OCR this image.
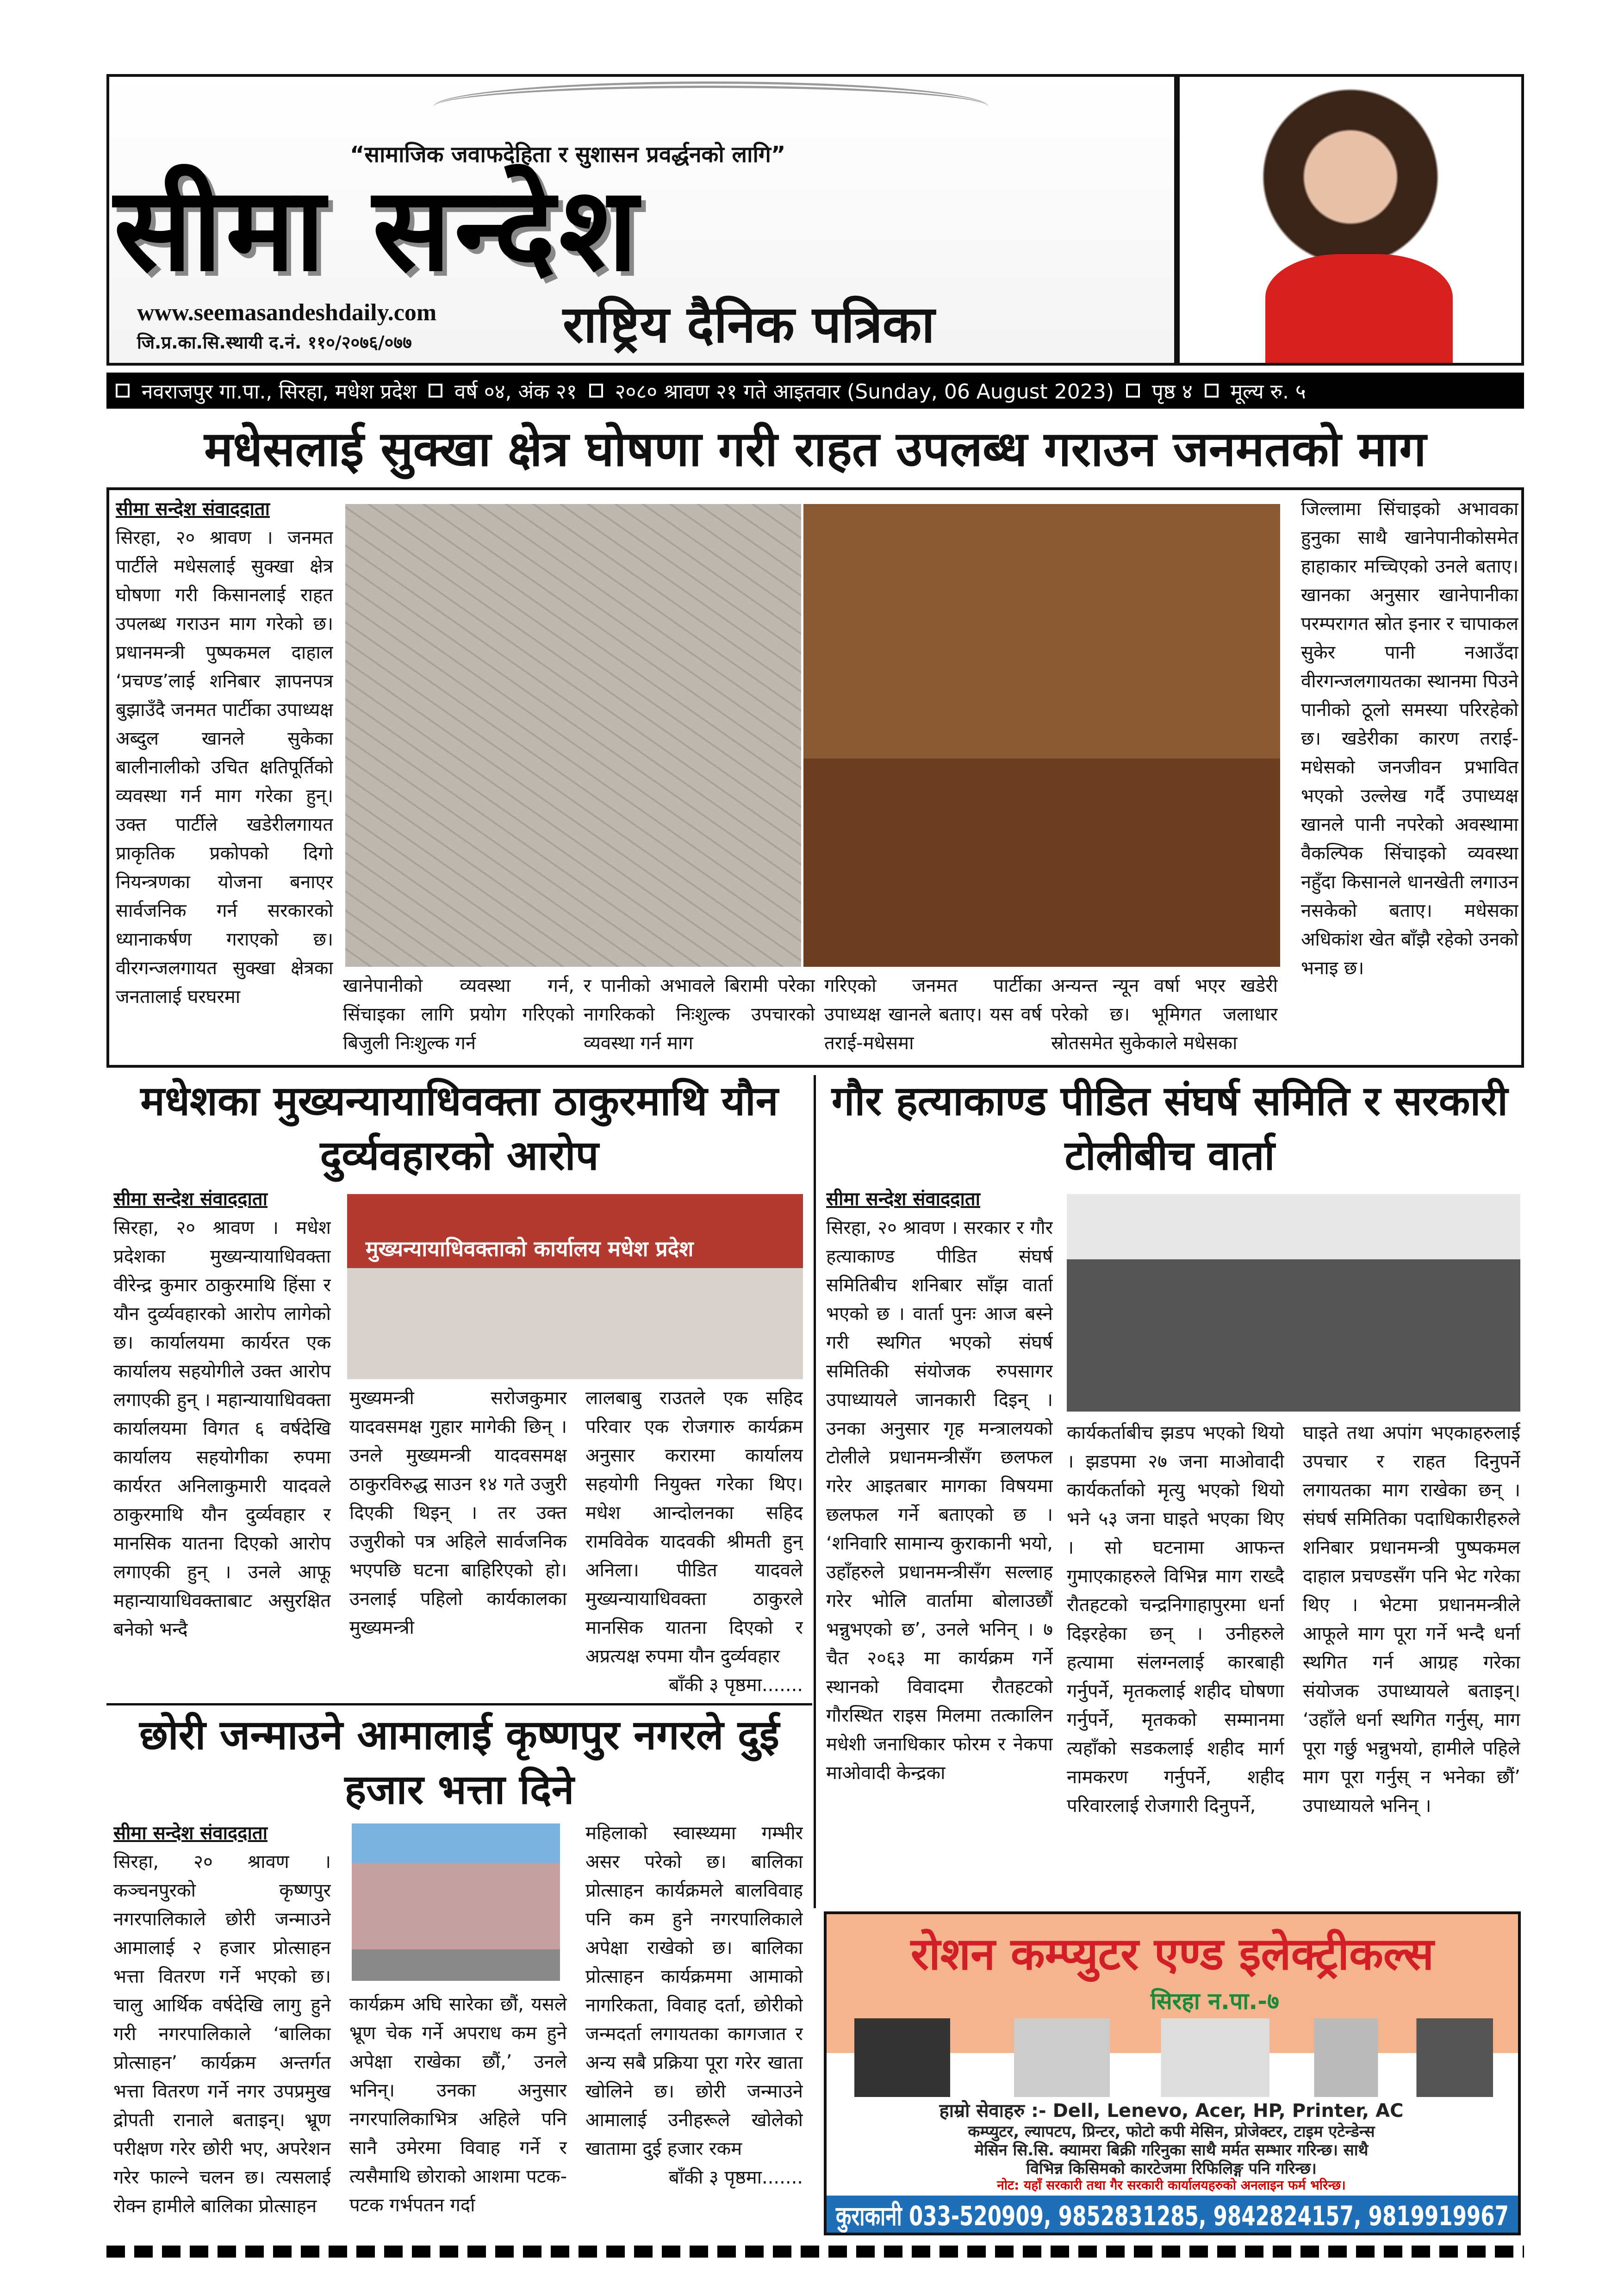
“सामाजिक जवाफदेहिता र सुशासन प्रवर्द्धनको लागि”
सीमा सन्देश
www.seemasandeshdaily.com
जि.प्र.का.सि.स्थायी द.नं. ११०/२०७६/०७७	राष्ट्रिय दैनिक पत्रिका
नवराजपुर गा.पा., सिरहा, मधेश प्रदेश वर्ष ०४, अंक २१ २०८० श्रावण २१ गते आइतवार (Sunday, 06 August 2023) पृष्ठ ४ मूल्य रु. ५
मधेसलाई सुक्खा क्षेत्र घोषणा गरी राहत उपलब्ध गराउन जनमतको माग
सीमा सन्देश संवाददाता
सिरहा, २० श्रावण । जनमत पार्टीले मधेसलाई सुक्खा क्षेत्र घोषणा गरी किसानलाई राहत उपलब्ध गराउन माग गरेको छ। प्रधानमन्त्री पुष्पकमल दाहाल ‘प्रचण्ड’लाई शनिबार ज्ञापनपत्र बुझाउँदै जनमत पार्टीका उपाध्यक्ष अब्दुल खानले सुकेका बालीनालीको उचित क्षतिपूर्तिको व्यवस्था गर्न माग गरेका हुन्। उक्त पार्टीले खडेरीलगायत प्राकृतिक प्रकोपको दिगो नियन्त्रणका योजना बनाएर सार्वजनिक गर्न सरकारको ध्यानाकर्षण गराएको छ। वीरगन्जलगायत सुक्खा क्षेत्रका जनतालाई घरघरमा
खानेपानीको व्यवस्था गर्न, सिंचाइका लागि प्रयोग गरिएको बिजुली निःशुल्क गर्न
र पानीको अभावले बिरामी परेका नागरिकको निःशुल्क उपचारको व्यवस्था गर्न माग
गरिएको जनमत पार्टीका उपाध्यक्ष खानले बताए। यस वर्ष तराई-मधेसमा
अन्यन्त न्यून वर्षा भएर खडेरी परेको छ। भूमिगत जलाधार स्रोतसमेत सुकेकाले मधेसका
जिल्लामा सिंचाइको अभावका हुनुका साथै खानेपानीकोसमेत हाहाकार मच्चिएको उनले बताए। खानका अनुसार खानेपानीका परम्परागत स्रोत इनार र चापाकल सुकेर पानी नआउँदा वीरगन्जलगायतका स्थानमा पिउने पानीको ठूलो समस्या परिरहेको छ। खडेरीका कारण तराई-मधेसको जनजीवन प्रभावित भएको उल्लेख गर्दै उपाध्यक्ष खानले पानी नपरेको अवस्थामा वैकल्पिक सिंचाइको व्यवस्था नहुँदा किसानले धानखेती लगाउन नसकेको बताए। मधेसका अधिकांश खेत बाँझै रहेको उनको भनाइ छ।
मधेशका मुख्यन्यायाधिवक्ता ठाकुरमाथि यौन दुर्व्यवहारको आरोप
सीमा सन्देश संवाददाता
सिरहा, २० श्रावण । मधेश प्रदेशका मुख्यन्यायाधिवक्ता वीरेन्द्र कुमार ठाकुरमाथि हिंसा र यौन दुर्व्यवहारको आरोप लागेको छ। कार्यालयमा कार्यरत एक कार्यालय सहयोगीले उक्त आरोप लगाएकी हुन् । महान्यायाधिवक्ता कार्यालयमा विगत ६ वर्षदेखि कार्यालय सहयोगीका रुपमा कार्यरत अनिलाकुमारी यादवले ठाकुरमाथि यौन दुर्व्यवहार र मानसिक यातना दिएको आरोप लगाएकी हुन् । उनले आफू महान्यायाधिवक्ताबाट असुरक्षित बनेको भन्दै
मुख्यन्यायाधिवक्ताको कार्यालय मधेश प्रदेश
मुख्यमन्त्री सरोजकुमार यादवसमक्ष गुहार मागेकी छिन् । उनले मुख्यमन्त्री यादवसमक्ष ठाकुरविरुद्ध साउन १४ गते उजुरी दिएकी थिइन् । तर उक्त उजुरीको पत्र अहिले सार्वजनिक भएपछि घटना बाहिरिएको हो। उनलाई पहिलो कार्यकालका मुख्यमन्त्री
लालबाबु राउतले एक सहिद परिवार एक रोजगारु कार्यक्रम अनुसार करारमा कार्यालय सहयोगी नियुक्त गरेका थिए। मधेश आन्दोलनका सहिद रामविवेक यादवकी श्रीमती हुन् अनिला। पीडित यादवले मुख्यन्यायाधिवक्ता ठाकुरले मानसिक यातना दिएको र अप्रत्यक्ष रुपमा यौन दुर्व्यवहार
बाँकी ३ पृष्ठमा.......
छोरी जन्माउने आमालाई कृष्णपुर नगरले दुई हजार भत्ता दिने
सीमा सन्देश संवाददाता
सिरहा, २० श्रावण । कञ्चनपुरको कृष्णपुर नगरपालिकाले छोरी जन्माउने आमालाई २ हजार प्रोत्साहन भत्ता वितरण गर्ने भएको छ। चालु आर्थिक वर्षदेखि लागु हुने गरी नगरपालिकाले ‘बालिका प्रोत्साहन’ कार्यक्रम अन्तर्गत भत्ता वितरण गर्ने नगर उपप्रमुख द्रोपती रानाले बताइन्। भ्रूण परीक्षण गरेर छोरी भए, अपरेशन गरेर फाल्ने चलन छ। त्यसलाई रोक्न हामीले बालिका प्रोत्साहन
कार्यक्रम अघि सारेका छौं, यसले भ्रूण चेक गर्ने अपराध कम हुने अपेक्षा राखेका छौं,’ उनले भनिन्। उनका अनुसार नगरपालिकाभित्र अहिले पनि सानै उमेरमा विवाह गर्ने र त्यसैमाथि छोराको आशमा पटक-पटक गर्भपतन गर्दा
महिलाको स्वास्थ्यमा गम्भीर असर परेको छ। बालिका प्रोत्साहन कार्यक्रमले बालविवाह पनि कम हुने नगरपालिकाले अपेक्षा राखेको छ। बालिका प्रोत्साहन कार्यक्रममा आमाको नागरिकता, विवाह दर्ता, छोरीको जन्मदर्ता लगायतका कागजात र अन्य सबै प्रक्रिया पूरा गरेर खाता खोलिने छ। छोरी जन्माउने आमालाई उनीहरूले खोलेको खातामा दुई हजार रकम
बाँकी ३ पृष्ठमा.......
गौर हत्याकाण्ड पीडित संघर्ष समिति र सरकारी टोलीबीच वार्ता
सीमा सन्देश संवाददाता
सिरहा, २० श्रावण । सरकार र गौर हत्याकाण्ड पीडित संघर्ष समितिबीच शनिबार साँझ वार्ता भएको छ । वार्ता पुनः आज बस्ने गरी स्थगित भएको संघर्ष समितिकी संयोजक रुपसागर उपाध्यायले जानकारी दिइन् । उनका अनुसार गृह मन्त्रालयको टोलीले प्रधानमन्त्रीसँग छलफल गरेर आइतबार मागका विषयमा छलफल गर्ने बताएको छ । ‘शनिवारि सामान्य कुराकानी भयो, उहाँहरुले प्रधानमन्त्रीसँग सल्लाह गरेर भोलि वार्तामा बोलाउछौं भन्नुभएको छ’, उनले भनिन् । ७ चैत २०६३ मा कार्यक्रम गर्ने स्थानको विवादमा रौतहटको गौरस्थित राइस मिलमा तत्कालिन मधेशी जनाधिकार फोरम र नेकपा माओवादी केन्द्रका
कार्यकर्ताबीच झडप भएको थियो । झडपमा २७ जना माओवादी कार्यकर्ताको मृत्यु भएको थियो भने ५३ जना घाइते भएका थिए । सो घटनामा आफन्त गुमाएकाहरुले विभिन्न माग राख्दै रौतहटको चन्द्रनिगाहापुरमा धर्ना दिइरहेका छन् । उनीहरुले हत्यामा संलग्नलाई कारबाही गर्नुपर्ने, मृतकलाई शहीद घोषणा गर्नुपर्ने, मृतकको सम्मानमा त्यहाँको सडकलाई शहीद मार्ग नामकरण गर्नुपर्ने, शहीद परिवारलाई रोजगारी दिनुपर्ने,
घाइते तथा अपांग भएकाहरुलाई उपचार र राहत दिनुपर्ने लगायतका माग राखेका छन् । संघर्ष समितिका पदाधिकारीहरुले शनिबार प्रधानमन्त्री पुष्पकमल दाहाल प्रचण्डसँग पनि भेट गरेका थिए । भेटमा प्रधानमन्त्रीले आफूले माग पूरा गर्ने भन्दै धर्ना स्थगित गर्न आग्रह गरेका संयोजक उपाध्यायले बताइन्। ‘उहाँले धर्ना स्थगित गर्नुस्, माग पूरा गर्छु भन्नुभयो, हामीले पहिले माग पूरा गर्नुस् न भनेका छौं’ उपाध्यायले भनिन् ।
रोशन कम्प्युटर एण्ड इलेक्ट्रीकल्स
सिरहा न.पा.-७
हाम्रो सेवाहरु :- Dell, Lenevo, Acer, HP, Printer, AC
कम्प्युटर, ल्यापटप, प्रिन्टर, फोटो कपी मेसिन, प्रोजेक्टर, टाइम एटेन्डेन्स
मेसिन सि.सि. क्यामरा बिक्री गरिनुका साथै मर्मत सम्भार गरिन्छ। साथै
विभिन्न किसिमको कारटेजमा रिफिलिङ्ग पनि गरिन्छ।
नोट: यहाँ सरकारी तथा गैर सरकारी कार्यालयहरुको अनलाइन फर्म भरिन्छ।
कुराकानी 033-520909, 9852831285, 9842824157, 9819919967
